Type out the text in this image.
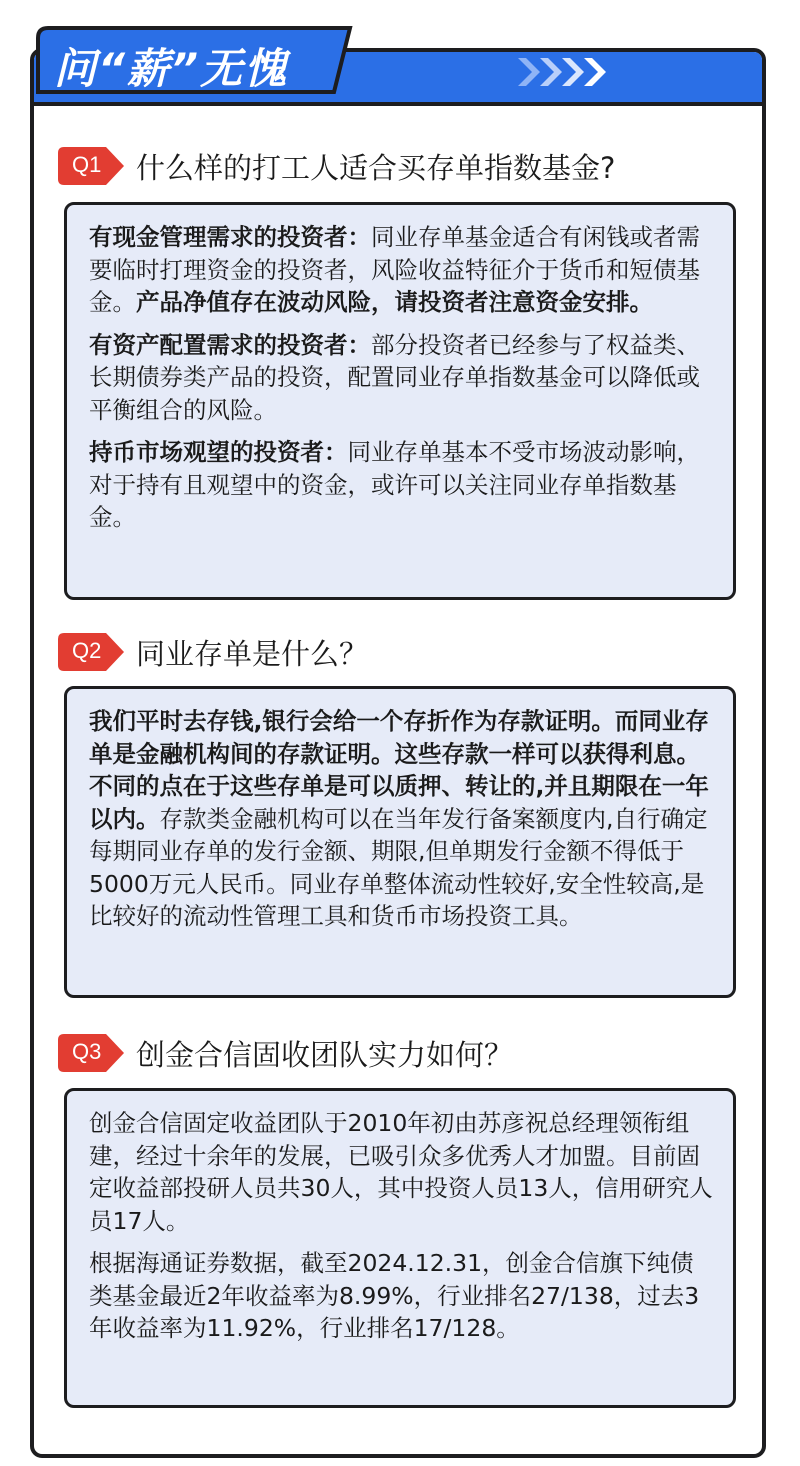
问“薪”无愧
Q1 什么样的打工人适合买存单指数基金?

有现金管理需求的投资者：同业存单基金适合有闲钱或者需要临时打理资金的投资者，风险收益特征介于货币和短债基金。产品净值存在波动风险，请投资者注意资金安排。

有资产配置需求的投资者：部分投资者已经参与了权益类、长期债券类产品的投资，配置同业存单指数基金可以降低或平衡组合的风险。

持币市场观望的投资者：同业存单基本不受市场波动影响，对于持有且观望中的资金，或许可以关注同业存单指数基金。

Q2 同业存单是什么？

我们平时去存钱,银行会给一个存折作为存款证明。而同业存单是金融机构间的存款证明。这些存款一样可以获得利息。不同的点在于这些存单是可以质押、转让的,并且期限在一年以内。存款类金融机构可以在当年发行备案额度内,自行确定每期同业存单的发行金额、期限,但单期发行金额不得低于5000万元人民币。同业存单整体流动性较好,安全性较高,是比较好的流动性管理工具和货币市场投资工具。

Q3 创金合信固收团队实力如何？

创金合信固定收益团队于2010年初由苏彦祝总经理领衔组建，经过十余年的发展，已吸引众多优秀人才加盟。目前固定收益部投研人员共30人，其中投资人员13人，信用研究人员17人。

根据海通证券数据，截至2024.12.31，创金合信旗下纯债类基金最近2年收益率为8.99%，行业排名27/138，过去3年收益率为11.92%，行业排名17/128。
